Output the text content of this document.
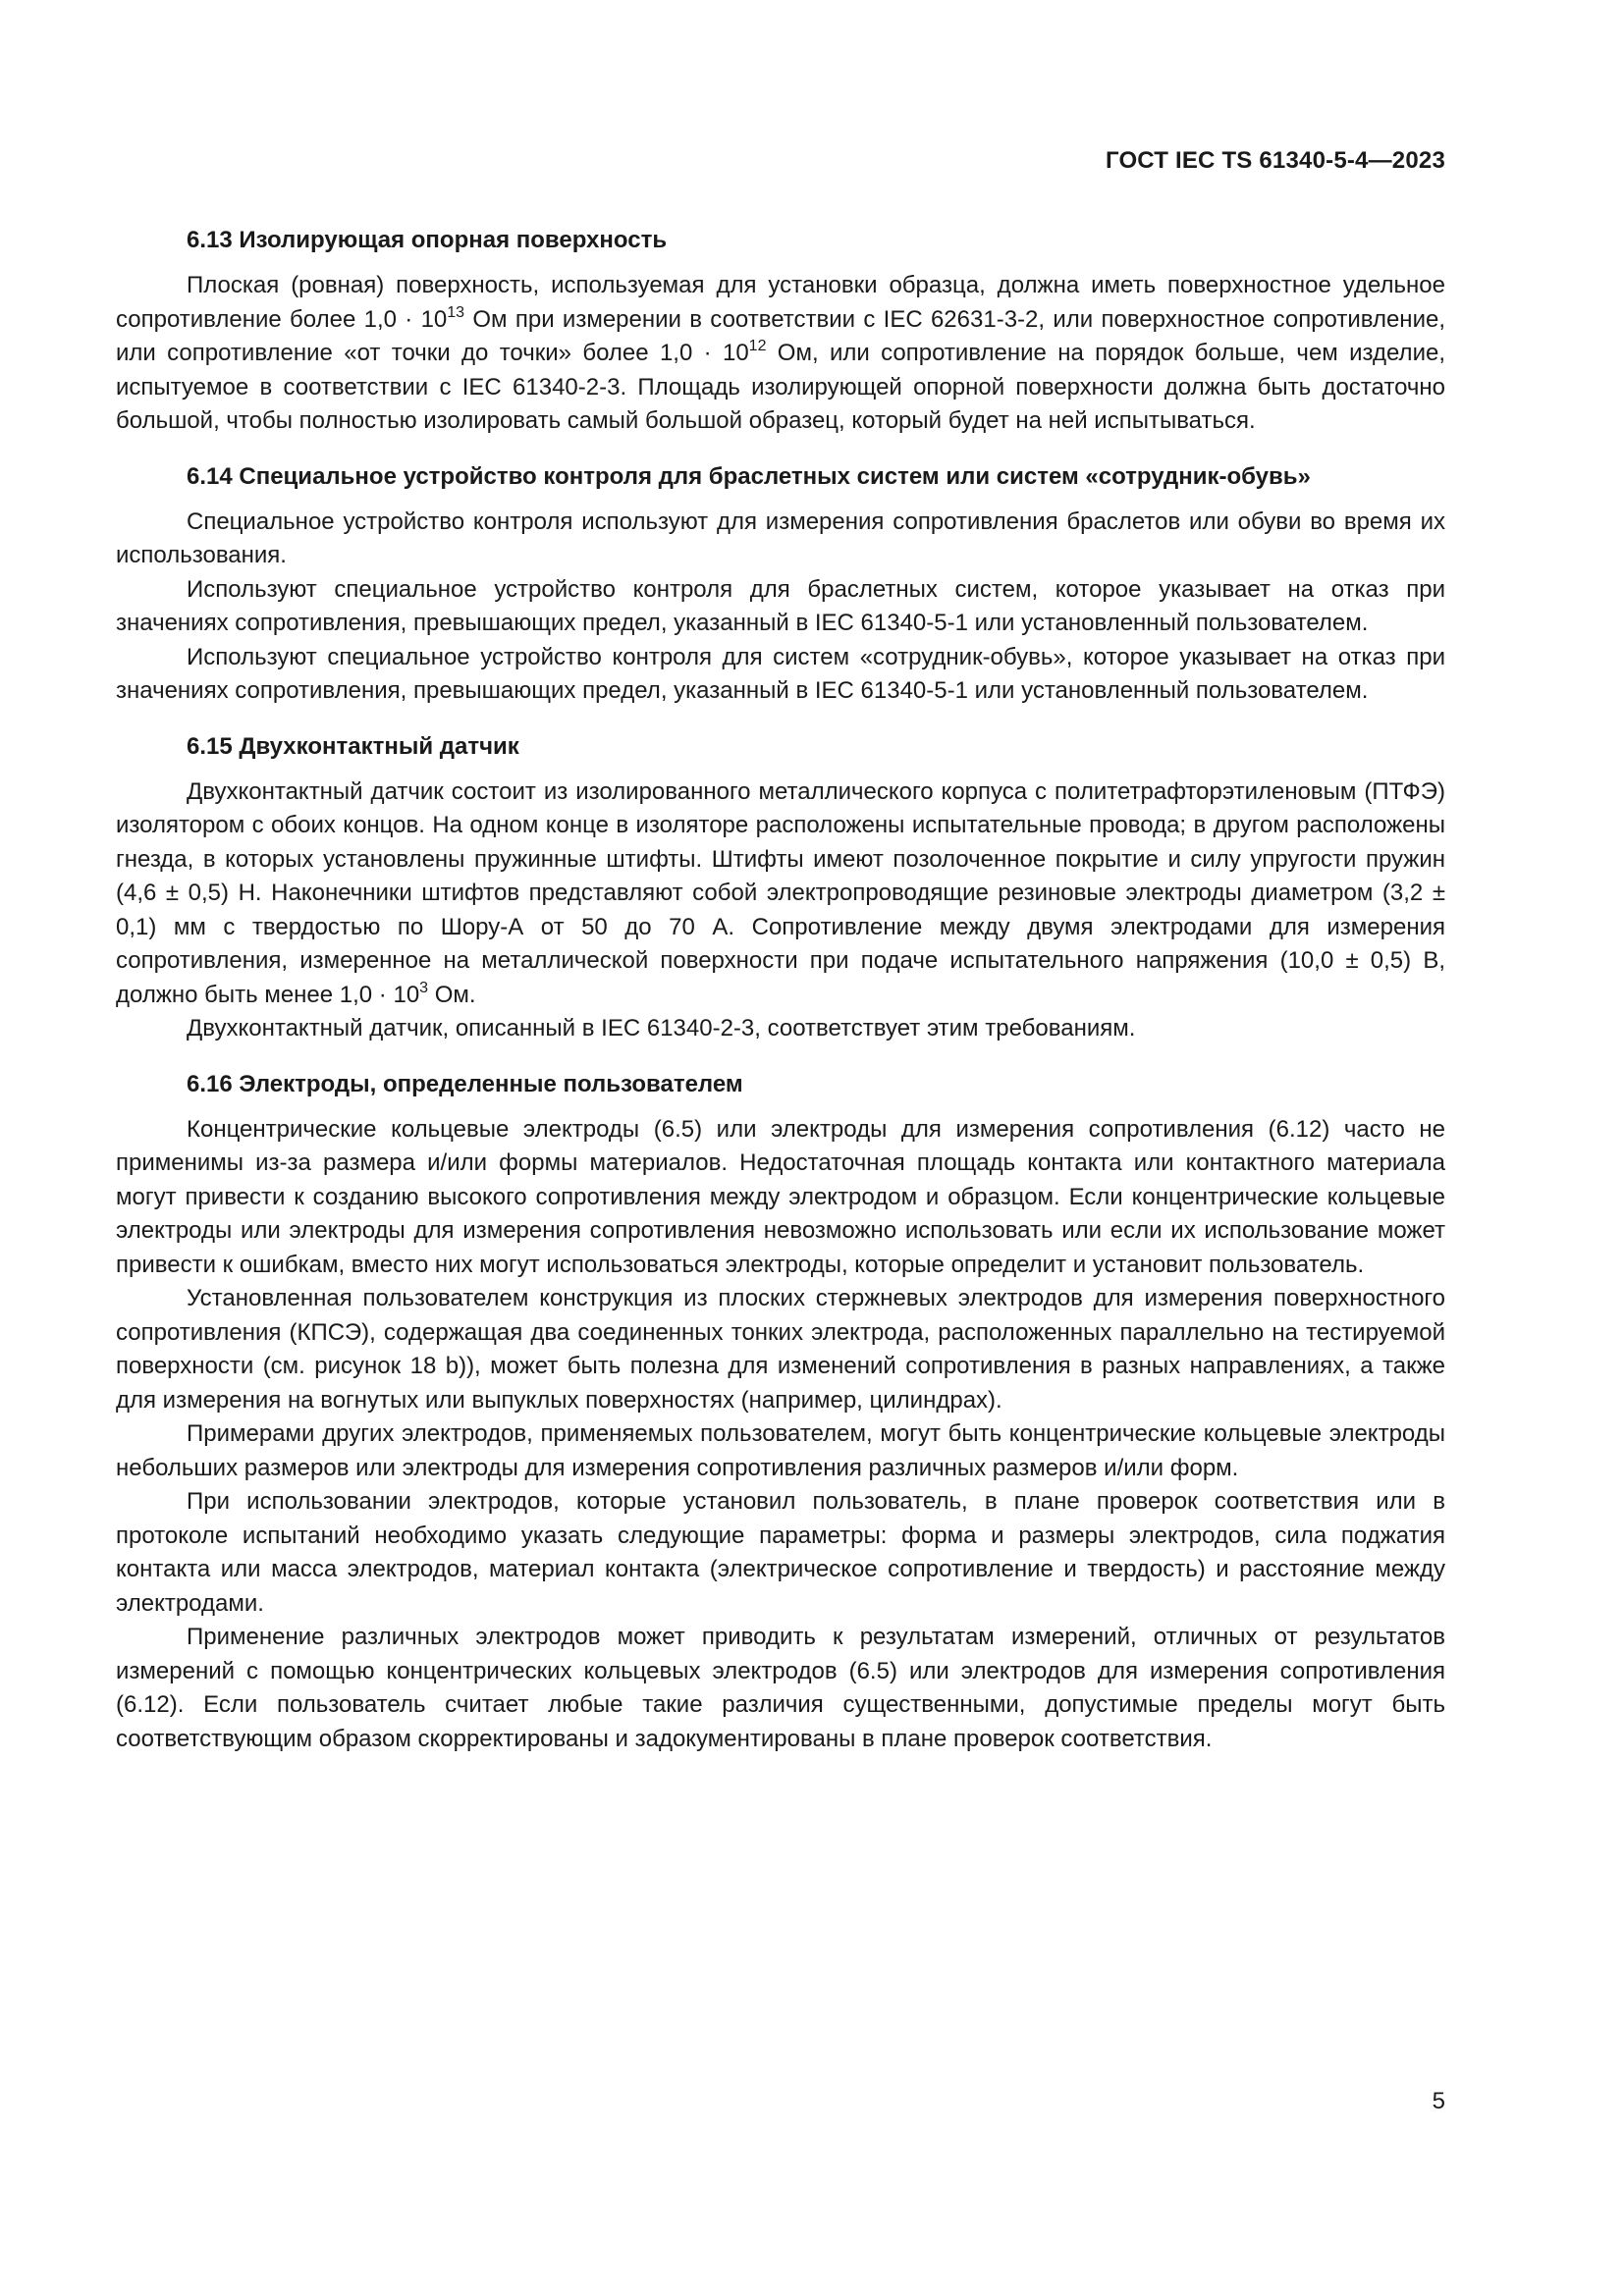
ГОСТ IEC TS 61340-5-4—2023
6.13 Изолирующая опорная поверхность

Плоская (ровная) поверхность, используемая для установки образца, должна иметь поверхностное удельное сопротивление более $1,0 \cdot 10^{13}$ Ом при измерении в соответствии с IEC 62631-3-2, или поверхностное сопротивление, или сопротивление «от точки до точки» более $1,0 \cdot 10^{12}$ Ом, или сопротивление на порядок больше, чем изделие, испытуемое в соответствии с IEC 61340-2-3. Площадь изолирующей опорной поверхности должна быть достаточно большой, чтобы полностью изолировать самый большой образец, который будет на ней испытываться.

6.14 Специальное устройство контроля для браслетных систем или систем «сотрудник-обувь»

Специальное устройство контроля используют для измерения сопротивления браслетов или обуви во время их использования.

Используют специальное устройство контроля для браслетных систем, которое указывает на отказ при значениях сопротивления, превышающих предел, указанный в IEC 61340-5-1 или установленный пользователем.

Используют специальное устройство контроля для систем «сотрудник-обувь», которое указывает на отказ при значениях сопротивления, превышающих предел, указанный в IEC 61340-5-1 или установленный пользователем.

6.15 Двухконтактный датчик

Двухконтактный датчик состоит из изолированного металлического корпуса с политетрафторэтиленовым (ПТФЭ) изолятором с обоих концов. На одном конце в изоляторе расположены испытательные провода; в другом расположены гнезда, в которых установлены пружинные штифты. Штифты имеют позолоченное покрытие и силу упругости пружин (4,6 ± 0,5) Н. Наконечники штифтов представляют собой электропроводящие резиновые электроды диаметром (3,2 ± 0,1) мм с твердостью по Шору-А от 50 до 70 А. Сопротивление между двумя электродами для измерения сопротивления, измеренное на металлической поверхности при подаче испытательного напряжения (10,0 ± 0,5) В, должно быть менее $1,0 \cdot 10^3$ Ом.

Двухконтактный датчик, описанный в IEC 61340-2-3, соответствует этим требованиям.

6.16 Электроды, определенные пользователем

Концентрические кольцевые электроды (6.5) или электроды для измерения сопротивления (6.12) часто не применимы из-за размера и/или формы материалов. Недостаточная площадь контакта или контактного материала могут привести к созданию высокого сопротивления между электродом и образцом. Если концентрические кольцевые электроды или электроды для измерения сопротивления невозможно использовать или если их использование может привести к ошибкам, вместо них могут использоваться электроды, которые определит и установит пользователь.

Установленная пользователем конструкция из плоских стержневых электродов для измерения поверхностного сопротивления (КПСЭ), содержащая два соединенных тонких электрода, расположенных параллельно на тестируемой поверхности (см. рисунок 18 b)), может быть полезна для изменений сопротивления в разных направлениях, а также для измерения на вогнутых или выпуклых поверхностях (например, цилиндрах).

Примерами других электродов, применяемых пользователем, могут быть концентрические кольцевые электроды небольших размеров или электроды для измерения сопротивления различных размеров и/или форм.

При использовании электродов, которые установил пользователь, в плане проверок соответствия или в протоколе испытаний необходимо указать следующие параметры: форма и размеры электродов, сила поджатия контакта или масса электродов, материал контакта (электрическое сопротивление и твердость) и расстояние между электродами.

Применение различных электродов может приводить к результатам измерений, отличных от результатов измерений с помощью концентрических кольцевых электродов (6.5) или электродов для измерения сопротивления (6.12). Если пользователь считает любые такие различия существенными, допустимые пределы могут быть соответствующим образом скорректированы и задокументированы в плане проверок соответствия.

5
